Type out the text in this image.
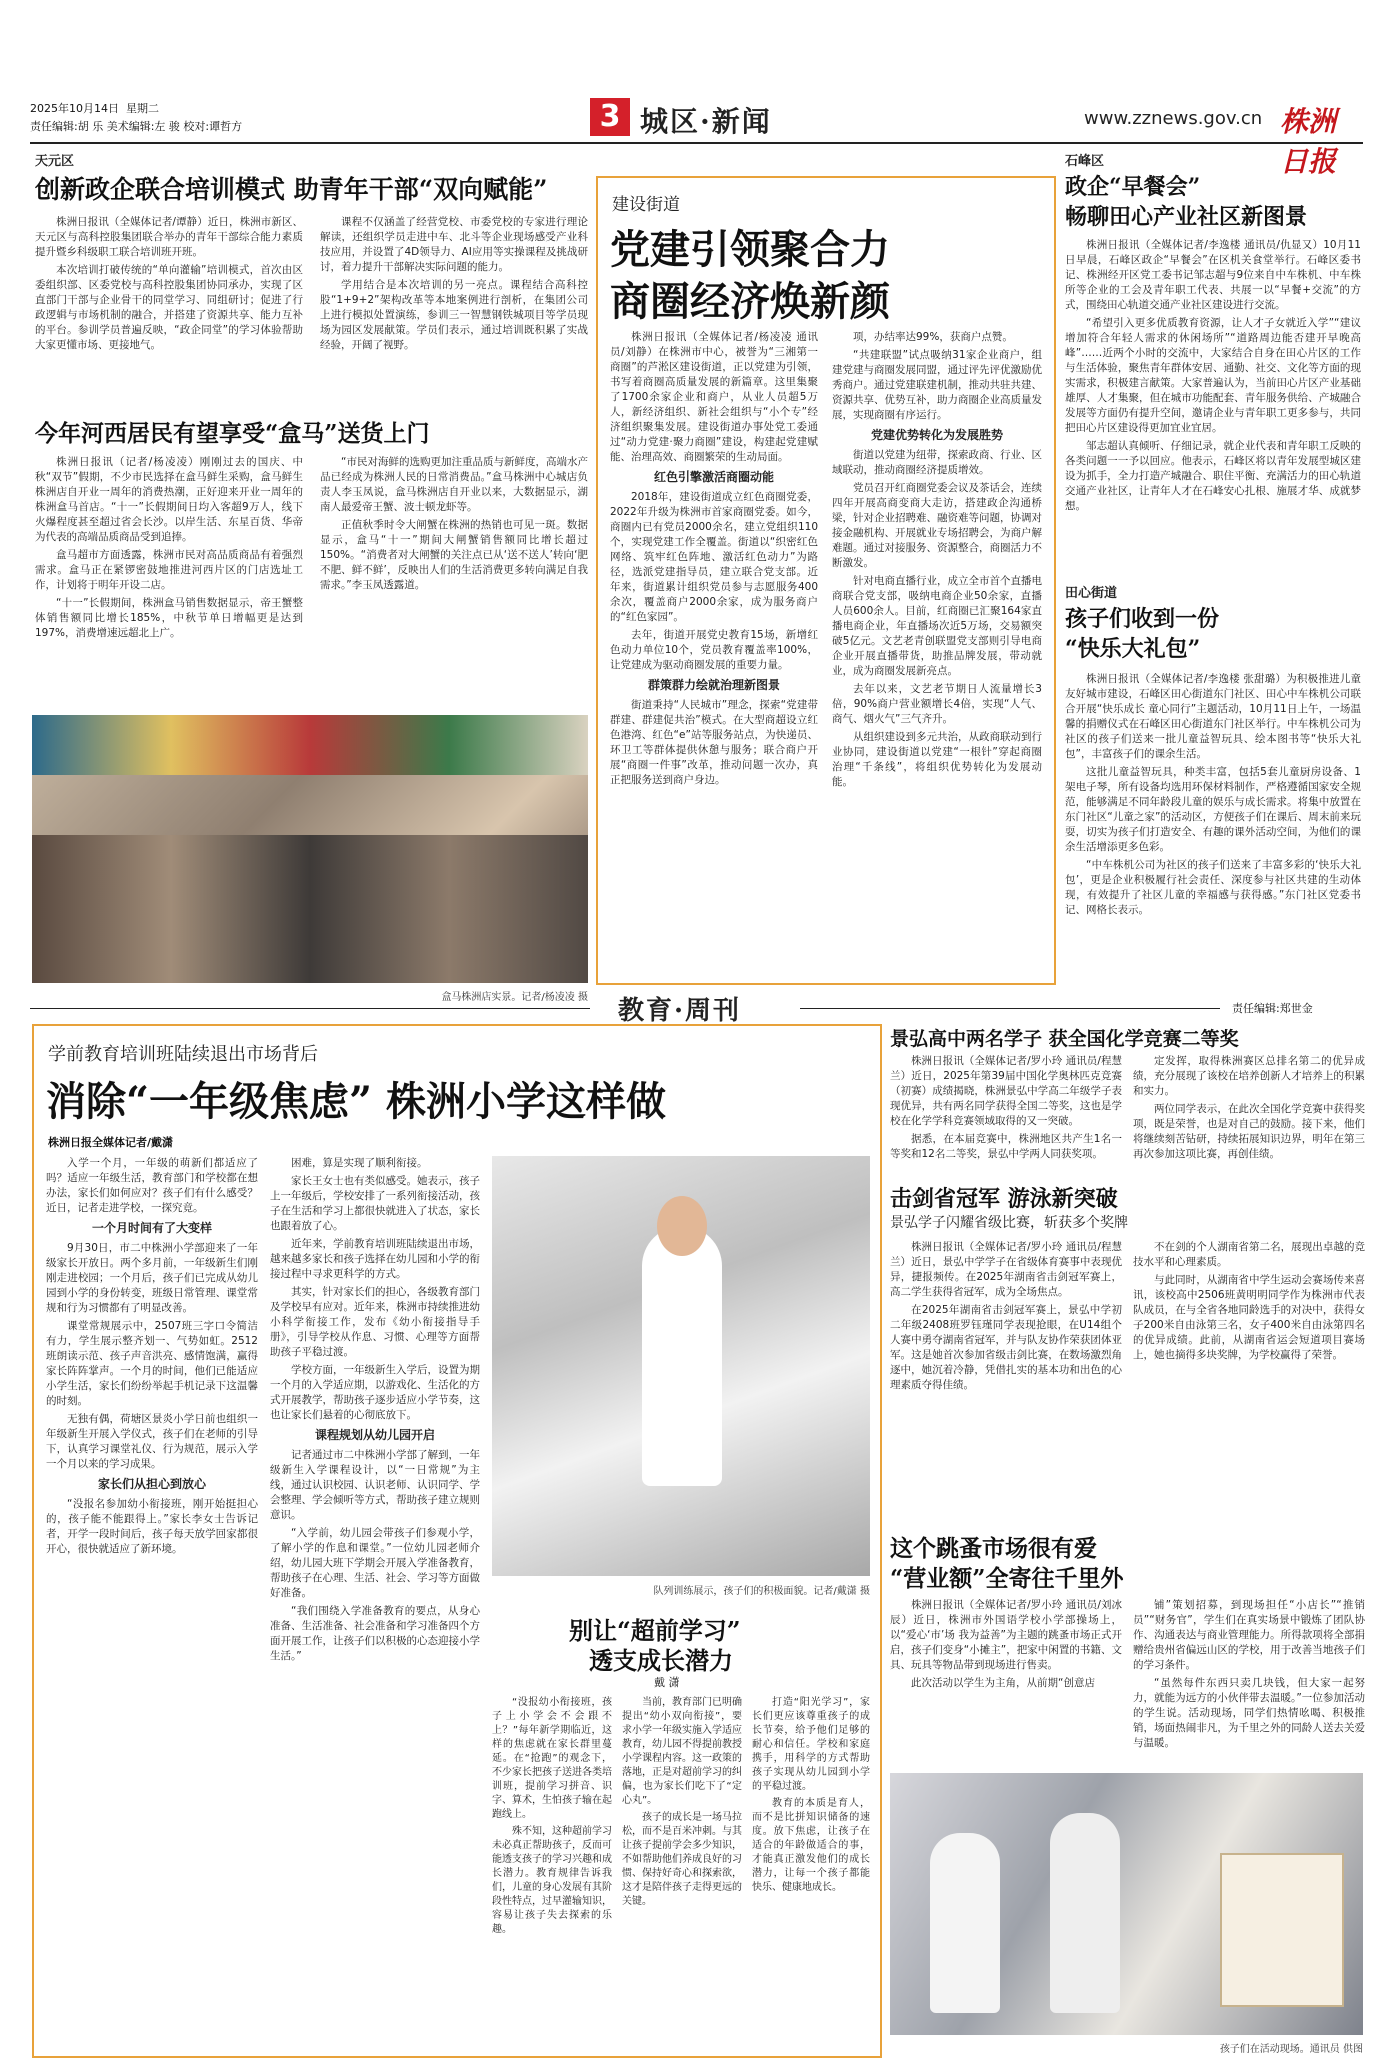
2025年10月14日 星期二
责任编辑:胡 乐 美术编辑:左 骏 校对:谭哲方	3 城区·新闻	www.zznews.gov.cn 株洲日报
天元区
创新政企联合培训模式 助青年干部“双向赋能”

株洲日报讯（全媒体记者/谭静）近日，株洲市新区、天元区与高科控股集团联合举办的青年干部综合能力素质提升暨乡科级职工联合培训班开班。

本次培训打破传统的“单向灌输”培训模式，首次由区委组织部、区委党校与高科控股集团协同承办，实现了区直部门干部与企业骨干的同堂学习、同组研讨；促进了行政逻辑与市场机制的融合，并搭建了资源共享、能力互补的平台。参训学员普遍反映，“政企同堂”的学习体验帮助大家更懂市场、更接地气。

课程不仅涵盖了经营党校、市委党校的专家进行理论解读，还组织学员走进中车、北斗等企业现场感受产业科技应用，并设置了4D领导力、AI应用等实操课程及挑战研讨，着力提升干部解决实际问题的能力。

学用结合是本次培训的另一亮点。课程结合高科控股“1+9+2”架构改革等本地案例进行剖析，在集团公司上进行模拟处置演练，参训三一智慧钢铁城项目等学员现场为园区发展献策。学员们表示，通过培训既积累了实战经验，开阔了视野。

今年河西居民有望享受“盒马”送货上门

株洲日报讯（记者/杨凌凌）刚刚过去的国庆、中秋“双节”假期，不少市民选择在盒马鲜生采购，盒马鲜生株洲店自开业一周年的消费热潮，正好迎来开业一周年的株洲盒马首店。“十一”长假期间日均入客超9万人，线下火爆程度甚至超过省会长沙。以岸生活、东星百货、华帝为代表的高端品质商品受到追捧。

盒马超市方面透露，株洲市民对高品质商品有着强烈需求。盒马正在紧锣密鼓地推进河西片区的门店选址工作，计划将于明年开设二店。

“十一”长假期间，株洲盒马销售数据显示，帝王蟹整体销售额同比增长185%，中秋节单日增幅更是达到197%，消费增速远超北上广。

“市民对海鲜的选购更加注重品质与新鲜度，高端水产品已经成为株洲人民的日常消费品。”盒马株洲中心城店负责人李玉凤说，盒马株洲店自开业以来，大数据显示，湖南人最爱帝王蟹、波士顿龙虾等。

正值秋季时令大闸蟹在株洲的热销也可见一斑。数据显示，盒马“十一”期间大闸蟹销售额同比增长超过150%。“消费者对大闸蟹的关注点已从‘送不送人’转向‘肥不肥、鲜不鲜’，反映出人们的生活消费更多转向满足自我需求。”李玉凤透露道。

盒马株洲店实景。记者/杨凌凌 摄
建设街道
党建引领聚合力
商圈经济焕新颜

株洲日报讯（全媒体记者/杨凌凌 通讯员/刘静）在株洲市中心，被誉为“三湘第一商圈”的芦淞区建设街道，正以党建为引领，书写着商圈高质量发展的新篇章。这里集聚了1700余家企业和商户，从业人员超5万人，新经济组织、新社会组织与“小个专”经济组织聚集发展。建设街道办事处党工委通过“动力党建·聚力商圈”建设，构建起党建赋能、治理高效、商圈繁荣的生动局面。

红色引擎激活商圈动能

2018年，建设街道成立红色商圈党委，2022年升级为株洲市首家商圈党委。如今，商圈内已有党员2000余名，建立党组织110个，实现党建工作全覆盖。街道以“织密红色网络、筑牢红色阵地、激活红色动力”为路径，选派党建指导员，建立联合党支部。近年来，街道累计组织党员参与志愿服务400余次，覆盖商户2000余家，成为服务商户的“红色家园”。

去年，街道开展党史教育15场，新增红色动力单位10个，党员教育覆盖率100%，让党建成为驱动商圈发展的重要力量。

群策群力绘就治理新图景

街道秉持“人民城市”理念，探索“党建带群建、群建促共治”模式。在大型商超设立红色港湾、红色“e”站等服务站点，为快递员、环卫工等群体提供休憩与服务；联合商户开展“商圈一件事”改革，推动问题一次办，真正把服务送到商户身边。

项，办结率达99%，获商户点赞。

“共建联盟”试点吸纳31家企业商户，组建党建与商圈发展同盟，通过评先评优激励优秀商户。通过党建联建机制，推动共驻共建、资源共享、优势互补，助力商圈企业高质量发展，实现商圈有序运行。

党建优势转化为发展胜势

街道以党建为纽带，探索政商、行业、区域联动，推动商圈经济提质增效。

党员召开红商圈党委会议及茶话会，连续四年开展高商变商大走访，搭建政企沟通桥梁，针对企业招聘难、融资难等问题，协调对接金融机构、开展就业专场招聘会，为商户解难题。通过对接服务、资源整合，商圈活力不断激发。

针对电商直播行业，成立全市首个直播电商联合党支部，吸纳电商企业50余家，直播人员600余人。目前，红商圈已汇聚164家直播电商企业，年直播场次近5万场，交易额突破5亿元。文艺老青创联盟党支部则引导电商企业开展直播带货，助推品牌发展，带动就业，成为商圈发展新亮点。

去年以来，文艺老节期日人流量增长3倍，90%商户营业额增长4倍，实现“人气、商气、烟火气”三气齐升。

从组织建设到多元共治，从政商联动到行业协同，建设街道以党建“一根针”穿起商圈治理“千条线”，将组织优势转化为发展动能。

石峰区
政企“早餐会”
畅聊田心产业社区新图景

株洲日报讯（全媒体记者/李逸楼 通讯员/仇显又）10月11日早晨，石峰区政企“早餐会”在区机关食堂举行。石峰区委书记、株洲经开区党工委书记邹志超与9位来自中车株机、中车株所等企业的工会及青年职工代表、共展一以“早餐+交流”的方式，围绕田心轨道交通产业社区建设进行交流。

“希望引入更多优质教育资源，让人才子女就近入学”“建议增加符合年轻人需求的休闲场所”“道路周边能否建开早晚高峰”……近两个小时的交流中，大家结合自身在田心片区的工作与生活体验，聚焦青年群体安居、通勤、社交、文化等方面的现实需求，积极建言献策。大家普遍认为，当前田心片区产业基础雄厚、人才集聚，但在城市功能配套、青年服务供给、产城融合发展等方面仍有提升空间，邀请企业与青年职工更多参与，共同把田心片区建设得更加宜业宜居。

邹志超认真倾听、仔细记录，就企业代表和青年职工反映的各类问题一一予以回应。他表示，石峰区将以青年发展型城区建设为抓手，全力打造产城融合、职住平衡、充满活力的田心轨道交通产业社区，让青年人才在石峰安心扎根、施展才华、成就梦想。

田心街道
孩子们收到一份
“快乐大礼包”

株洲日报讯（全媒体记者/李逸楼 张甜璐）为积极推进儿童友好城市建设，石峰区田心街道东门社区、田心中车株机公司联合开展“快乐成长 童心同行”主题活动，10月11日上午，一场温馨的捐赠仪式在石峰区田心街道东门社区举行。中车株机公司为社区的孩子们送来一批儿童益智玩具、绘本图书等“快乐大礼包”，丰富孩子们的课余生活。

这批儿童益智玩具，种类丰富，包括5套儿童厨房设备、1架电子琴，所有设备均选用环保材料制作，严格遵循国家安全规范，能够满足不同年龄段儿童的娱乐与成长需求。将集中放置在东门社区“儿童之家”的活动区，方便孩子们在课后、周末前来玩耍，切实为孩子们打造安全、有趣的课外活动空间，为他们的课余生活增添更多色彩。

“中车株机公司为社区的孩子们送来了丰富多彩的‘快乐大礼包’，更是企业积极履行社会责任、深度参与社区共建的生动体现，有效提升了社区儿童的幸福感与获得感。”东门社区党委书记、网格长表示。

教育·周刊	责任编辑:郑世金
学前教育培训班陆续退出市场背后
消除“一年级焦虑” 株洲小学这样做
株洲日报全媒体记者/戴潇

入学一个月，一年级的萌新们都适应了吗？适应一年级生活，教育部门和学校都在想办法，家长们如何应对？孩子们有什么感受？近日，记者走进学校，一探究竟。

一个月时间有了大变样

9月30日，市二中株洲小学部迎来了一年级家长开放日。两个多月前，一年级新生们刚刚走进校园；一个月后，孩子们已完成从幼儿园到小学的身份转变，班级日常管理、课堂常规和行为习惯都有了明显改善。

课堂常规展示中，2507班三字口令简洁有力，学生展示整齐划一、气势如虹。2512班朗读示范、孩子声音洪亮、感情饱满，赢得家长阵阵掌声。一个月的时间，他们已能适应小学生活，家长们纷纷举起手机记录下这温馨的时刻。

无独有偶，荷塘区景炎小学日前也组织一年级新生开展入学仪式，孩子们在老师的引导下，认真学习课堂礼仪、行为规范，展示入学一个月以来的学习成果。

家长们从担心到放心

“没报名参加幼小衔接班，刚开始挺担心的，孩子能不能跟得上。”家长李女士告诉记者，开学一段时间后，孩子每天放学回家都很开心，很快就适应了新环境。

困难，算是实现了顺利衔接。

家长王女士也有类似感受。她表示，孩子上一年级后，学校安排了一系列衔接活动，孩子在生活和学习上都很快就进入了状态，家长也跟着放了心。

近年来，学前教育培训班陆续退出市场，越来越多家长和孩子选择在幼儿园和小学的衔接过程中寻求更科学的方式。

其实，针对家长们的担心，各级教育部门及学校早有应对。近年来，株洲市持续推进幼小科学衔接工作，发布《幼小衔接指导手册》，引导学校从作息、习惯、心理等方面帮助孩子平稳过渡。

学校方面，一年级新生入学后，设置为期一个月的入学适应期，以游戏化、生活化的方式开展教学，帮助孩子逐步适应小学节奏，这也让家长们悬着的心彻底放下。

课程规划从幼儿园开启

记者通过市二中株洲小学部了解到，一年级新生入学课程设计，以“一日常规”为主线，通过认识校园、认识老师、认识同学、学会整理、学会倾听等方式，帮助孩子建立规则意识。

“入学前，幼儿园会带孩子们参观小学，了解小学的作息和课堂。”一位幼儿园老师介绍，幼儿园大班下学期会开展入学准备教育，帮助孩子在心理、生活、社会、学习等方面做好准备。

“我们围绕入学准备教育的要点，从身心准备、生活准备、社会准备和学习准备四个方面开展工作，让孩子们以积极的心态迎接小学生活。”

队列训练展示，孩子们的积极面貌。记者/戴潇 摄
别让“超前学习”
透支成长潜力
戴 潇

“没报幼小衔接班，孩子上小学会不会跟不上？”每年新学期临近，这样的焦虑就在家长群里蔓延。在“抢跑”的观念下，不少家长把孩子送进各类培训班，提前学习拼音、识字、算术，生怕孩子输在起跑线上。

殊不知，这种超前学习未必真正帮助孩子，反而可能透支孩子的学习兴趣和成长潜力。教育规律告诉我们，儿童的身心发展有其阶段性特点，过早灌输知识，容易让孩子失去探索的乐趣。

当前，教育部门已明确提出“幼小双向衔接”，要求小学一年级实施入学适应教育，幼儿园不得提前教授小学课程内容。这一政策的落地，正是对超前学习的纠偏，也为家长们吃下了“定心丸”。

孩子的成长是一场马拉松，而不是百米冲刺。与其让孩子提前学会多少知识，不如帮助他们养成良好的习惯、保持好奇心和探索欲，这才是陪伴孩子走得更远的关键。

打造“阳光学习”，家长们更应该尊重孩子的成长节奏，给予他们足够的耐心和信任。学校和家庭携手，用科学的方式帮助孩子实现从幼儿园到小学的平稳过渡。

教育的本质是育人，而不是比拼知识储备的速度。放下焦虑，让孩子在适合的年龄做适合的事，才能真正激发他们的成长潜力，让每一个孩子都能快乐、健康地成长。

景弘高中两名学子 获全国化学竞赛二等奖

株洲日报讯（全媒体记者/罗小玲 通讯员/程慧兰）近日，2025年第39届中国化学奥林匹克竞赛（初赛）成绩揭晓，株洲景弘中学高二年级学子表现优异，共有两名同学获得全国二等奖，这也是学校在化学学科竞赛领域取得的又一突破。

据悉，在本届竞赛中，株洲地区共产生1名一等奖和12名二等奖，景弘中学两人同获奖项。

定发挥，取得株洲赛区总排名第二的优异成绩，充分展现了该校在培养创新人才培养上的积累和实力。

两位同学表示，在此次全国化学竞赛中获得奖项，既是荣誉，也是对自己的鼓励。接下来，他们将继续刻苦钻研，持续拓展知识边界，明年在第三再次参加这项比赛，再创佳绩。

击剑省冠军 游泳新突破
景弘学子闪耀省级比赛，斩获多个奖牌

株洲日报讯（全媒体记者/罗小玲 通讯员/程慧兰）近日，景弘中学学子在省级体育赛事中表现优异，捷报频传。在2025年湖南省击剑冠军赛上，高二学生获得省冠军，成为全场焦点。

在2025年湖南省击剑冠军赛上，景弘中学初二年级2408班罗钰瑾同学表现抢眼，在U14组个人赛中勇夺湖南省冠军，并与队友协作荣获团体亚军。这是她首次参加省级击剑比赛，在数场激烈角逐中，她沉着冷静，凭借扎实的基本功和出色的心理素质夺得佳绩。

不在剑的个人湖南省第二名，展现出卓越的竞技水平和心理素质。

与此同时，从湖南省中学生运动会赛场传来喜讯，该校高中2506班黄明明同学作为株洲市代表队成员，在与全省各地同龄选手的对决中，获得女子200米自由泳第三名，女子400米自由泳第四名的优异成绩。此前，从湖南省运会短道项目赛场上，她也摘得多块奖牌，为学校赢得了荣誉。

这个跳蚤市场很有爱
“营业额”全寄往千里外

株洲日报讯（全媒体记者/罗小玲 通讯员/刘冰辰）近日，株洲市外国语学校小学部操场上，以“爱心‘市’场 我为益善”为主题的跳蚤市场正式开启，孩子们变身“小摊主”，把家中闲置的书籍、文具、玩具等物品带到现场进行售卖。

此次活动以学生为主角，从前期“创意店

铺”策划招募，到现场担任“小店长”“推销员”“财务官”，学生们在真实场景中锻炼了团队协作、沟通表达与商业管理能力。所得款项将全部捐赠给贵州省偏远山区的学校，用于改善当地孩子们的学习条件。

“虽然每件东西只卖几块钱，但大家一起努力，就能为远方的小伙伴带去温暖。”一位参加活动的学生说。活动现场，同学们热情吆喝、积极推销，场面热闹非凡，为千里之外的同龄人送去关爱与温暖。

孩子们在活动现场。通讯员 供图
